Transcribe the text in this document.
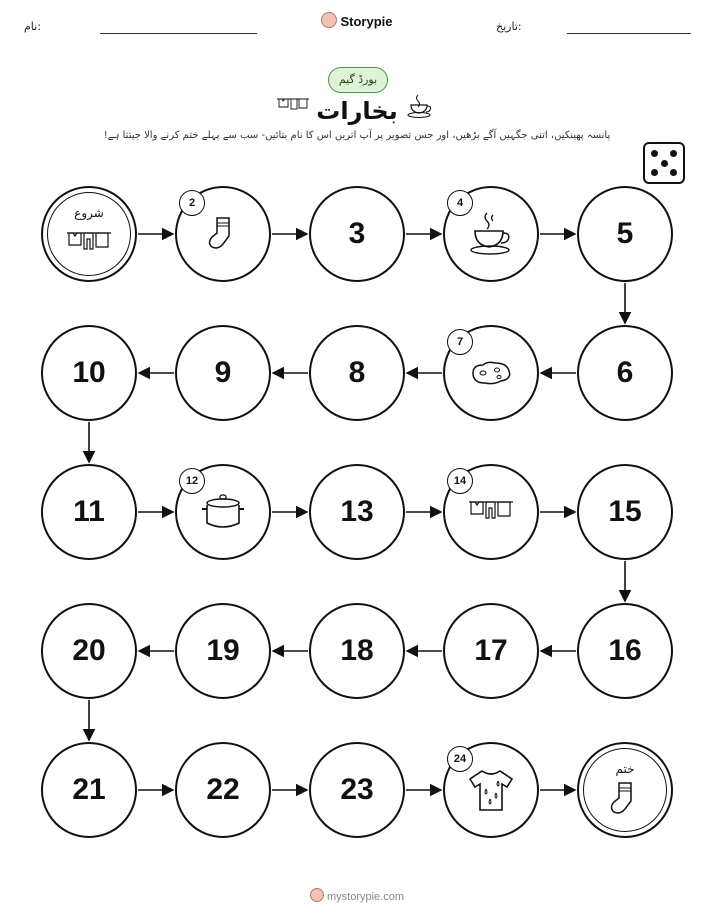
نام:	Storypie	تاریخ:
بورڈ گیم
بخارات
پانسہ پھینکیں، اتنی جگہیں آگے بڑھیں، اور جس تصویر پر آپ اتریں اس کا نام بتائیں- سب سے پہلے ختم کرنے والا جیتتا ہے!
شروع
2
3
4
5
6
7
8
9
10
11
12
13
14
15
16
17
18
19
20
21	22	23
24
ختم
mystorypie.com
